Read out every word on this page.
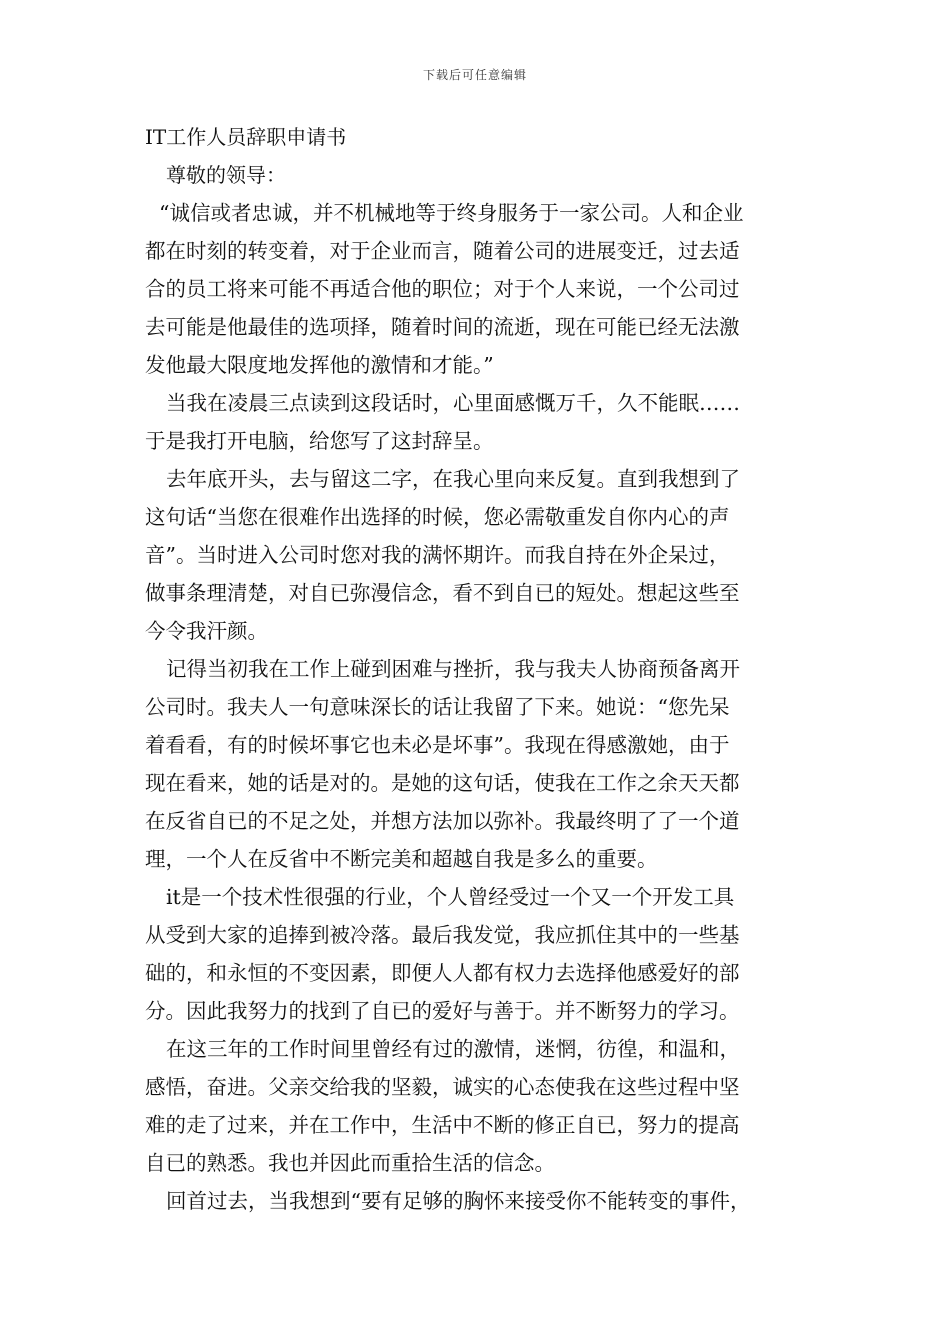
下载后可任意编辑
IT工作人员辞职申请书

尊敬的领导：

“诚信或者忠诚，并不机械地等于终身服务于一家公司。人和企业
都在时刻的转变着，对于企业而言，随着公司的进展变迁，过去适
合的员工将来可能不再适合他的职位；对于个人来说，一个公司过
去可能是他最佳的选项择，随着时间的流逝，现在可能已经无法激
发他最大限度地发挥他的激情和才能。”
当我在凌晨三点读到这段话时，心里面感慨万千，久不能眠……
于是我打开电脑，给您写了这封辞呈。
去年底开头，去与留这二字，在我心里向来反复。直到我想到了
这句话“当您在很难作出选择的时候，您必需敬重发自你内心的声
音”。当时进入公司时您对我的满怀期许。而我自持在外企呆过，
做事条理清楚，对自已弥漫信念，看不到自已的短处。想起这些至
今令我汗颜。
记得当初我在工作上碰到困难与挫折，我与我夫人协商预备离开
公司时。我夫人一句意味深长的话让我留了下来。她说：“您先呆
着看看，有的时候坏事它也未必是坏事”。我现在得感激她，由于
现在看来，她的话是对的。是她的这句话，使我在工作之余天天都
在反省自已的不足之处，并想方法加以弥补。我最终明了了一个道
理，一个人在反省中不断完美和超越自我是多么的重要。
it是一个技术性很强的行业，个人曾经受过一个又一个开发工具
从受到大家的追捧到被冷落。最后我发觉，我应抓住其中的一些基
础的，和永恒的不变因素，即便人人都有权力去选择他感爱好的部
分。因此我努力的找到了自已的爱好与善于。并不断努力的学习。
在这三年的工作时间里曾经有过的激情，迷惘，彷徨，和温和，
感悟，奋进。父亲交给我的坚毅，诚实的心态使我在这些过程中坚
难的走了过来，并在工作中，生活中不断的修正自已，努力的提高
自已的熟悉。我也并因此而重拾生活的信念。
回首过去，当我想到“要有足够的胸怀来接受你不能转变的事件，
